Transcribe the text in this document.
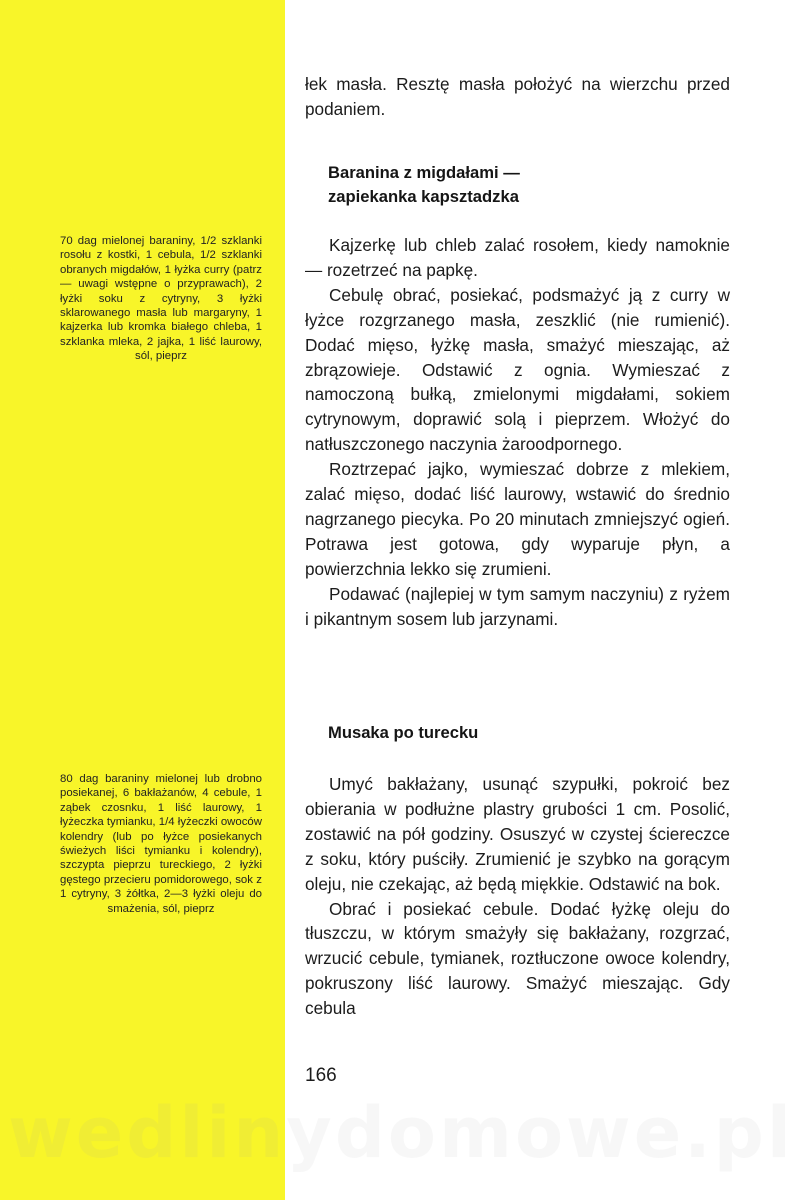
70 dag mielonej baraniny, 1/2 szklanki rosołu z kostki, 1 cebula, 1/2 szklanki obranych migdałów, 1 łyżka curry (patrz — uwagi wstępne o przyprawach), 2 łyżki soku z cytryny, 3 łyżki sklarowanego masła lub margaryny, 1 kajzerka lub kromka białego chleba, 1 szklanka mleka, 2 jajka, 1 liść laurowy, sól, pieprz
80 dag baraniny mielonej lub drobno posiekanej, 6 bakłażanów, 4 cebule, 1 ząbek czosnku, 1 liść laurowy, 1 łyżeczka tymianku, 1/4 łyżeczki owoców kolendry (lub po łyżce posiekanych świeżych liści tymianku i kolendry), szczypta pieprzu tureckiego, 2 łyżki gęstego przecieru pomidorowego, sok z 1 cytryny, 3 żółtka, 2—3 łyżki oleju do smażenia, sól, pieprz

łek masła. Resztę masła położyć na wierzchu przed podaniem.

Baranina z migdałami —
zapiekanka kapsztadzka

Kajzerkę lub chleb zalać rosołem, kiedy namoknie — rozetrzeć na papkę.

Cebulę obrać, posiekać, podsmażyć ją z curry w łyżce rozgrzanego masła, zeszklić (nie rumienić). Dodać mięso, łyżkę masła, smażyć mieszając, aż zbrązowieje. Odstawić z ognia. Wymieszać z namoczoną bułką, zmielonymi migdałami, sokiem cytrynowym, doprawić solą i pieprzem. Włożyć do natłuszczonego naczynia żaroodpornego.

Roztrzepać jajko, wymieszać dobrze z mlekiem, zalać mięso, dodać liść laurowy, wstawić do średnio nagrzanego piecyka. Po 20 minutach zmniejszyć ogień. Potrawa jest gotowa, gdy wyparuje płyn, a powierzchnia lekko się zrumieni.

Podawać (najlepiej w tym samym naczyniu) z ryżem i pikantnym sosem lub jarzynami.

Musaka po turecku

Umyć bakłażany, usunąć szypułki, pokroić bez obierania w podłużne plastry grubości 1 cm. Posolić, zostawić na pół godziny. Osuszyć w czystej ściereczce z soku, który puściły. Zrumienić je szybko na gorącym oleju, nie czekając, aż będą miękkie. Odstawić na bok.

Obrać i posiekać cebule. Dodać łyżkę oleju do tłuszczu, w którym smażyły się bakłażany, rozgrzać, wrzucić cebule, tymianek, roztłuczone owoce kolendry, pokruszony liść laurowy. Smażyć mieszając. Gdy cebula

166
wedlinydomowe.pl
